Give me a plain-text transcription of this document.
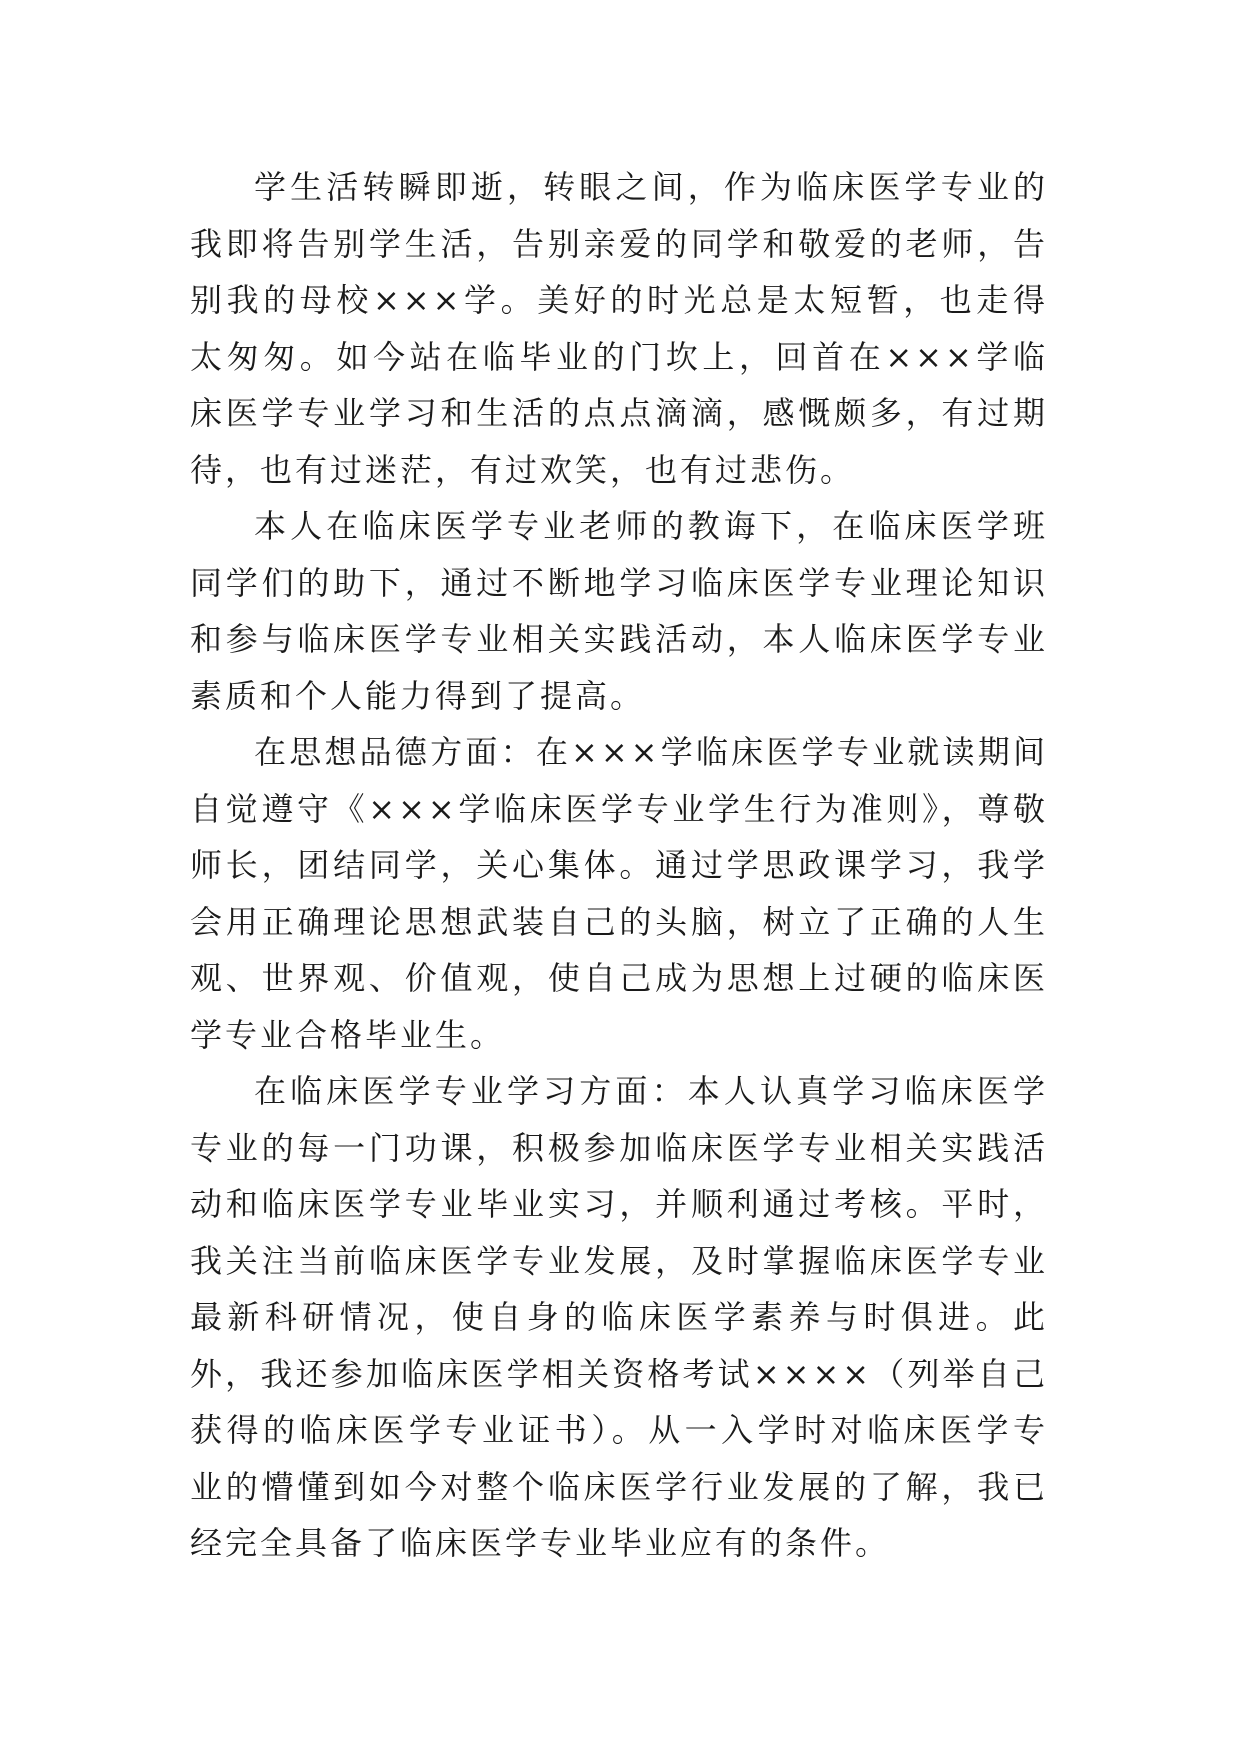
学生活转瞬即逝，转眼之间，作为临床医学专业的我即将告别学生活，告别亲爱的同学和敬爱的老师，告别我的母校×××学。美好的时光总是太短暂，也走得太匆匆。如今站在临毕业的门坎上，回首在×××学临床医学专业学习和生活的点点滴滴，感慨颇多，有过期待，也有过迷茫，有过欢笑，也有过悲伤。

本人在临床医学专业老师的教诲下，在临床医学班同学们的助下，通过不断地学习临床医学专业理论知识和参与临床医学专业相关实践活动，本人临床医学专业素质和个人能力得到了提高。

在思想品德方面：在×××学临床医学专业就读期间自觉遵守《×××学临床医学专业学生行为准则》，尊敬师长，团结同学，关心集体。通过学思政课学习，我学会用正确理论思想武装自己的头脑，树立了正确的人生观、世界观、价值观，使自己成为思想上过硬的临床医学专业合格毕业生。

在临床医学专业学习方面：本人认真学习临床医学专业的每一门功课，积极参加临床医学专业相关实践活动和临床医学专业毕业实习，并顺利通过考核。平时，我关注当前临床医学专业发展，及时掌握临床医学专业最新科研情况，使自身的临床医学素养与时俱进。此外，我还参加临床医学相关资格考试××××（列举自己获得的临床医学专业证书）。从一入学时对临床医学专业的懵懂到如今对整个临床医学行业发展的了解，我已经完全具备了临床医学专业毕业应有的条件。
